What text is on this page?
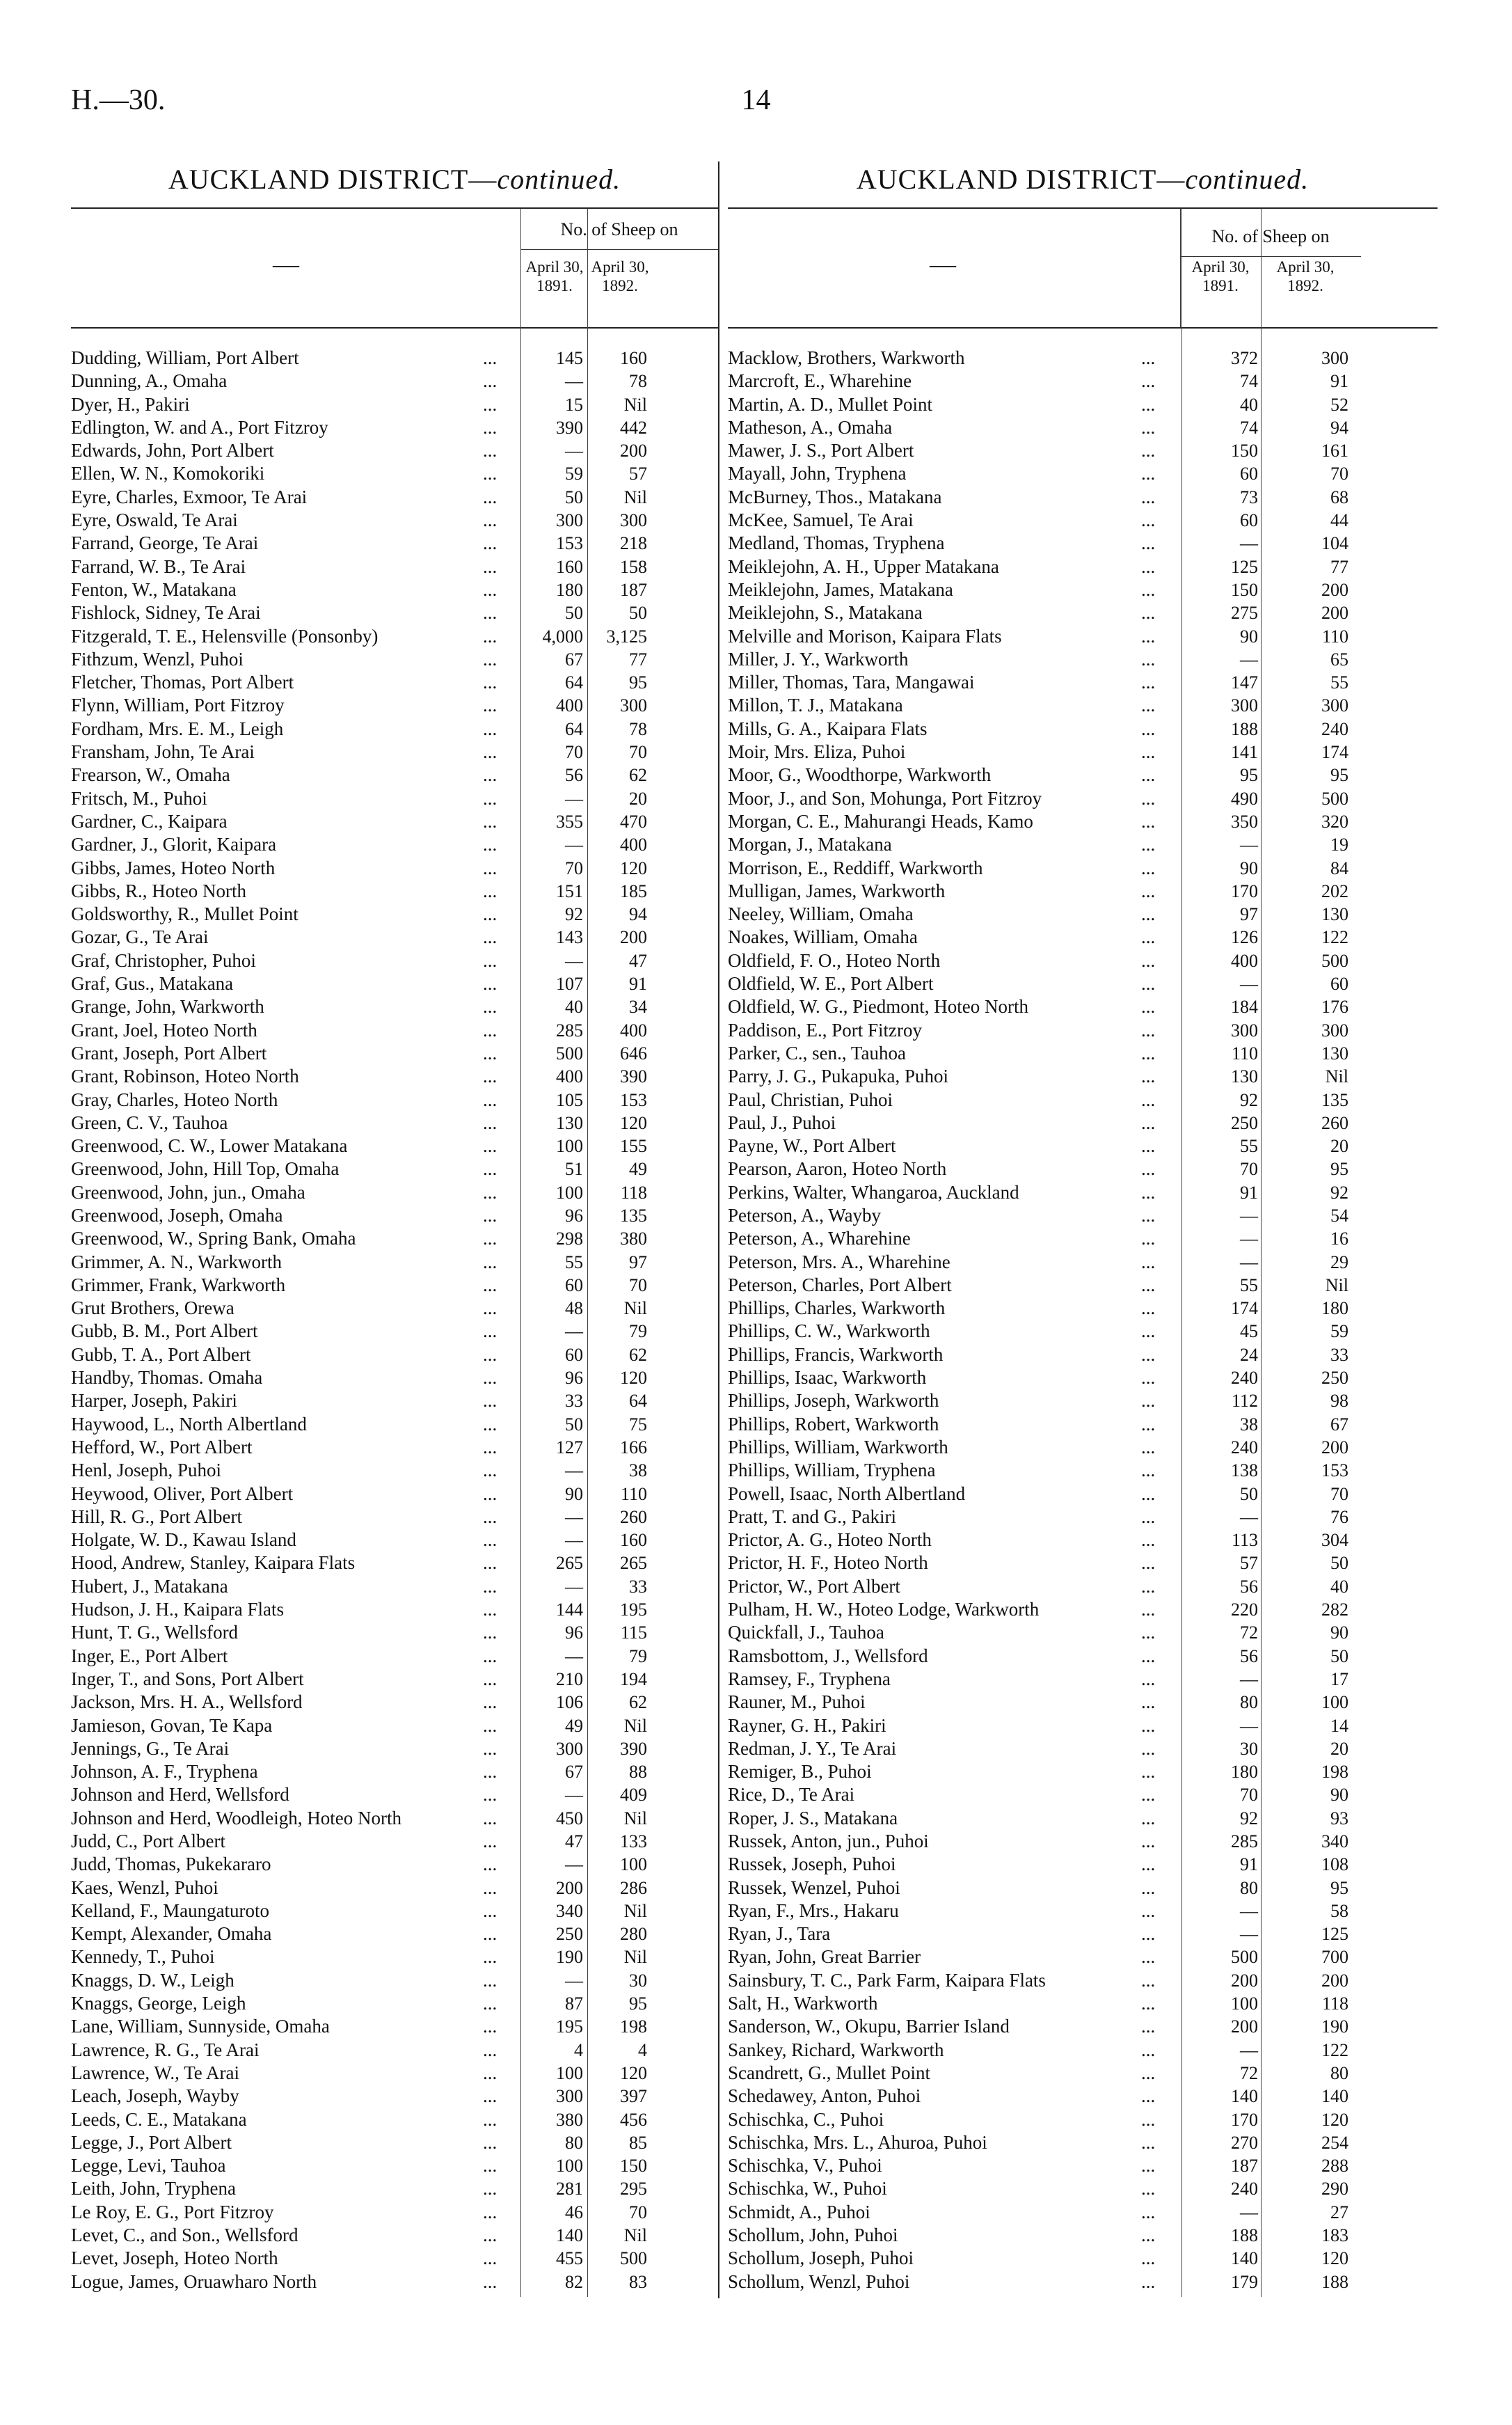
H.—30.	14
AUCKLAND DISTRICT—continued.
—
No. of Sheep on
April 30,
1891.
April 30,
1892.
Dudding, William, Port Albert	...	145	160
Dunning, A., Omaha	...	—	78
Dyer, H., Pakiri	...	15	Nil
Edlington, W. and A., Port Fitzroy	...	390	442
Edwards, John, Port Albert	...	—	200
Ellen, W. N., Komokoriki	...	59	57
Eyre, Charles, Exmoor, Te Arai	...	50	Nil
Eyre, Oswald, Te Arai	...	300	300
Farrand, George, Te Arai	...	153	218
Farrand, W. B., Te Arai	...	160	158
Fenton, W., Matakana	...	180	187
Fishlock, Sidney, Te Arai	...	50	50
Fitzgerald, T. E., Helensville (Ponsonby)	...	4,000	3,125
Fithzum, Wenzl, Puhoi	...	67	77
Fletcher, Thomas, Port Albert	...	64	95
Flynn, William, Port Fitzroy	...	400	300
Fordham, Mrs. E. M., Leigh	...	64	78
Fransham, John, Te Arai	...	70	70
Frearson, W., Omaha	...	56	62
Fritsch, M., Puhoi	...	—	20
Gardner, C., Kaipara	...	355	470
Gardner, J., Glorit, Kaipara	...	—	400
Gibbs, James, Hoteo North	...	70	120
Gibbs, R., Hoteo North	...	151	185
Goldsworthy, R., Mullet Point	...	92	94
Gozar, G., Te Arai	...	143	200
Graf, Christopher, Puhoi	...	—	47
Graf, Gus., Matakana	...	107	91
Grange, John, Warkworth	...	40	34
Grant, Joel, Hoteo North	...	285	400
Grant, Joseph, Port Albert	...	500	646
Grant, Robinson, Hoteo North	...	400	390
Gray, Charles, Hoteo North	...	105	153
Green, C. V., Tauhoa	...	130	120
Greenwood, C. W., Lower Matakana	...	100	155
Greenwood, John, Hill Top, Omaha	...	51	49
Greenwood, John, jun., Omaha	...	100	118
Greenwood, Joseph, Omaha	...	96	135
Greenwood, W., Spring Bank, Omaha	...	298	380
Grimmer, A. N., Warkworth	...	55	97
Grimmer, Frank, Warkworth	...	60	70
Grut Brothers, Orewa	...	48	Nil
Gubb, B. M., Port Albert	...	—	79
Gubb, T. A., Port Albert	...	60	62
Handby, Thomas. Omaha	...	96	120
Harper, Joseph, Pakiri	...	33	64
Haywood, L., North Albertland	...	50	75
Hefford, W., Port Albert	...	127	166
Henl, Joseph, Puhoi	...	—	38
Heywood, Oliver, Port Albert	...	90	110
Hill, R. G., Port Albert	...	—	260
Holgate, W. D., Kawau Island	...	—	160
Hood, Andrew, Stanley, Kaipara Flats	...	265	265
Hubert, J., Matakana	...	—	33
Hudson, J. H., Kaipara Flats	...	144	195
Hunt, T. G., Wellsford	...	96	115
Inger, E., Port Albert	...	—	79
Inger, T., and Sons, Port Albert	...	210	194
Jackson, Mrs. H. A., Wellsford	...	106	62
Jamieson, Govan, Te Kapa	...	49	Nil
Jennings, G., Te Arai	...	300	390
Johnson, A. F., Tryphena	...	67	88
Johnson and Herd, Wellsford	...	—	409
Johnson and Herd, Woodleigh, Hoteo North	...	450	Nil
Judd, C., Port Albert	...	47	133
Judd, Thomas, Pukekararo	...	—	100
Kaes, Wenzl, Puhoi	...	200	286
Kelland, F., Maungaturoto	...	340	Nil
Kempt, Alexander, Omaha	...	250	280
Kennedy, T., Puhoi	...	190	Nil
Knaggs, D. W., Leigh	...	—	30
Knaggs, George, Leigh	...	87	95
Lane, William, Sunnyside, Omaha	...	195	198
Lawrence, R. G., Te Arai	...	4	4
Lawrence, W., Te Arai	...	100	120
Leach, Joseph, Wayby	...	300	397
Leeds, C. E., Matakana	...	380	456
Legge, J., Port Albert	...	80	85
Legge, Levi, Tauhoa	...	100	150
Leith, John, Tryphena	...	281	295
Le Roy, E. G., Port Fitzroy	...	46	70
Levet, C., and Son., Wellsford	...	140	Nil
Levet, Joseph, Hoteo North	...	455	500
Logue, James, Oruawharo North	...	82	83
AUCKLAND DISTRICT—continued.
—
No. of Sheep on
April 30,
1891.
April 30,
1892.
Macklow, Brothers, Warkworth	...	372	300
Marcroft, E., Wharehine	...	74	91
Martin, A. D., Mullet Point	...	40	52
Matheson, A., Omaha	...	74	94
Mawer, J. S., Port Albert	...	150	161
Mayall, John, Tryphena	...	60	70
McBurney, Thos., Matakana	...	73	68
McKee, Samuel, Te Arai	...	60	44
Medland, Thomas, Tryphena	...	—	104
Meiklejohn, A. H., Upper Matakana	...	125	77
Meiklejohn, James, Matakana	...	150	200
Meiklejohn, S., Matakana	...	275	200
Melville and Morison, Kaipara Flats	...	90	110
Miller, J. Y., Warkworth	...	—	65
Miller, Thomas, Tara, Mangawai	...	147	55
Millon, T. J., Matakana	...	300	300
Mills, G. A., Kaipara Flats	...	188	240
Moir, Mrs. Eliza, Puhoi	...	141	174
Moor, G., Woodthorpe, Warkworth	...	95	95
Moor, J., and Son, Mohunga, Port Fitzroy	...	490	500
Morgan, C. E., Mahurangi Heads, Kamo	...	350	320
Morgan, J., Matakana	...	—	19
Morrison, E., Reddiff, Warkworth	...	90	84
Mulligan, James, Warkworth	...	170	202
Neeley, William, Omaha	...	97	130
Noakes, William, Omaha	...	126	122
Oldfield, F. O., Hoteo North	...	400	500
Oldfield, W. E., Port Albert	...	—	60
Oldfield, W. G., Piedmont, Hoteo North	...	184	176
Paddison, E., Port Fitzroy	...	300	300
Parker, C., sen., Tauhoa	...	110	130
Parry, J. G., Pukapuka, Puhoi	...	130	Nil
Paul, Christian, Puhoi	...	92	135
Paul, J., Puhoi	...	250	260
Payne, W., Port Albert	...	55	20
Pearson, Aaron, Hoteo North	...	70	95
Perkins, Walter, Whangaroa, Auckland	...	91	92
Peterson, A., Wayby	...	—	54
Peterson, A., Wharehine	...	—	16
Peterson, Mrs. A., Wharehine	...	—	29
Peterson, Charles, Port Albert	...	55	Nil
Phillips, Charles, Warkworth	...	174	180
Phillips, C. W., Warkworth	...	45	59
Phillips, Francis, Warkworth	...	24	33
Phillips, Isaac, Warkworth	...	240	250
Phillips, Joseph, Warkworth	...	112	98
Phillips, Robert, Warkworth	...	38	67
Phillips, William, Warkworth	...	240	200
Phillips, William, Tryphena	...	138	153
Powell, Isaac, North Albertland	...	50	70
Pratt, T. and G., Pakiri	...	—	76
Prictor, A. G., Hoteo North	...	113	304
Prictor, H. F., Hoteo North	...	57	50
Prictor, W., Port Albert	...	56	40
Pulham, H. W., Hoteo Lodge, Warkworth	...	220	282
Quickfall, J., Tauhoa	...	72	90
Ramsbottom, J., Wellsford	...	56	50
Ramsey, F., Tryphena	...	—	17
Rauner, M., Puhoi	...	80	100
Rayner, G. H., Pakiri	...	—	14
Redman, J. Y., Te Arai	...	30	20
Remiger, B., Puhoi	...	180	198
Rice, D., Te Arai	...	70	90
Roper, J. S., Matakana	...	92	93
Russek, Anton, jun., Puhoi	...	285	340
Russek, Joseph, Puhoi	...	91	108
Russek, Wenzel, Puhoi	...	80	95
Ryan, F., Mrs., Hakaru	...	—	58
Ryan, J., Tara	...	—	125
Ryan, John, Great Barrier	...	500	700
Sainsbury, T. C., Park Farm, Kaipara Flats	...	200	200
Salt, H., Warkworth	...	100	118
Sanderson, W., Okupu, Barrier Island	...	200	190
Sankey, Richard, Warkworth	...	—	122
Scandrett, G., Mullet Point	...	72	80
Schedawey, Anton, Puhoi	...	140	140
Schischka, C., Puhoi	...	170	120
Schischka, Mrs. L., Ahuroa, Puhoi	...	270	254
Schischka, V., Puhoi	...	187	288
Schischka, W., Puhoi	...	240	290
Schmidt, A., Puhoi	...	—	27
Schollum, John, Puhoi	...	188	183
Schollum, Joseph, Puhoi	...	140	120
Schollum, Wenzl, Puhoi	...	179	188
